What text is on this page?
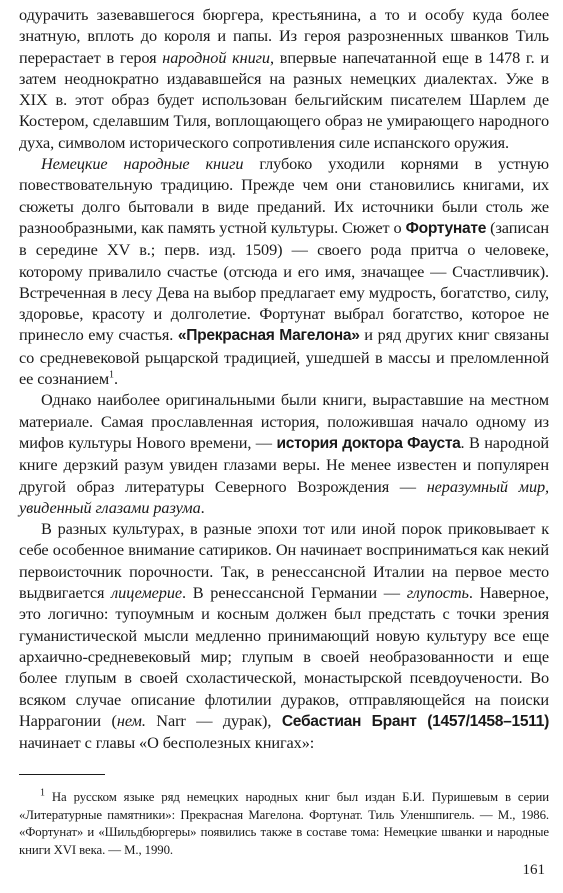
одурачить зазевавшегося бюргера, крестьянина, а то и особу куда более знатную, вплоть до короля и папы. Из героя разрозненных шванков Тиль перерастает в героя народной книги, впервые напечатанной еще в 1478 г. и затем неоднократно издававшейся на разных немецких диалектах. Уже в XIX в. этот образ будет использован бельгийским писателем Шарлем де Костером, сделавшим Тиля, воплощающего образ не умирающего народного духа, символом исторического сопротивления силе испанского оружия.

Немецкие народные книги глубоко уходили корнями в устную повествовательную традицию. Прежде чем они становились книгами, их сюжеты долго бытовали в виде преданий. Их источники были столь же разнообразными, как память устной культуры. Сюжет о Фортунате (записан в середине XV в.; перв. изд. 1509) — своего рода притча о человеке, которому привалило счастье (отсюда и его имя, значащее — Счастливчик). Встреченная в лесу Дева на выбор предлагает ему мудрость, богатство, силу, здоровье, красоту и долголетие. Фортунат выбрал богатство, которое не принесло ему счастья. «Прекрасная Магелона» и ряд других книг связаны со средневековой рыцарской традицией, ушедшей в массы и преломленной ее сознанием$^1$.

Однако наиболее оригинальными были книги, выраставшие на местном материале. Самая прославленная история, положившая начало одному из мифов культуры Нового времени, — история доктора Фауста. В народной книге дерзкий разум увиден глазами веры. Не менее известен и популярен другой образ литературы Северного Возрождения — неразумный мир, увиденный глазами разума.

В разных культурах, в разные эпохи тот или иной порок приковывает к себе особенное внимание сатириков. Он начинает восприниматься как некий первоисточник порочности. Так, в ренессансной Италии на первое место выдвигается лицемерие. В ренессансной Германии — глупость. Наверное, это логично: тупоумным и косным должен был предстать с точки зрения гуманистической мысли медленно принимающий новую культуру все еще архаично-средневековый мир; глупым в своей необразованности и еще более глупым в своей схоластической, монастырской псевдоучености. Во всяком случае описание флотилии дураков, отправляющейся на поиски Наррагонии (нем. Narr — дурак), Себастиан Брант (1457/1458–1511) начинает с главы «О бесполезных книгах»:

$^1$ На русском языке ряд немецких народных книг был издан Б.И. Пуришевым в серии «Литературные памятники»: Прекрасная Магелона. Фортунат. Тиль Уленшпигель. — М., 1986. «Фортунат» и «Шильдбюргеры» появились также в составе тома: Немецкие шванки и народные книги XVI века. — М., 1990.

161
